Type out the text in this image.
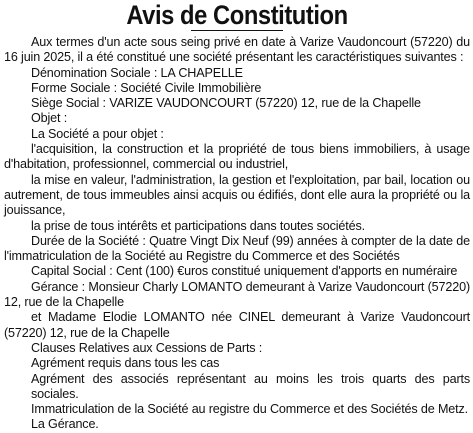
Avis de Constitution

Aux termes d'un acte sous seing privé en date à Varize Vaudoncourt (57220) du 16 juin 2025, il a été constitué une société présentant les caractéristiques suivantes :

Dénomination Sociale : LA CHAPELLE

Forme Sociale : Société Civile Immobilière

Siège Social : VARIZE VAUDONCOURT (57220) 12, rue de la Chapelle

Objet :

La Société a pour objet :

l'acquisition, la construction et la propriété de tous biens immobiliers, à usage d'habitation, professionnel, commercial ou industriel,

la mise en valeur, l'administration, la gestion et l'exploitation, par bail, location ou autrement, de tous immeubles ainsi acquis ou édifiés, dont elle aura la propriété ou la jouissance,

la prise de tous intérêts et participations dans toutes sociétés.

Durée de la Société : Quatre Vingt Dix Neuf (99) années à compter de la date de l'immatriculation de la Société au Registre du Commerce et des Sociétés

Capital Social : Cent (100) €uros constitué uniquement d'apports en numéraire

Gérance : Monsieur Charly LOMANTO demeurant à Varize Vaudoncourt (57220) 12, rue de la Chapelle

et Madame Elodie LOMANTO née CINEL demeurant à Varize Vaudoncourt (57220) 12, rue de la Chapelle

Clauses Relatives aux Cessions de Parts :

Agrément requis dans tous les cas

Agrément des associés représentant au moins les trois quarts des parts sociales.

Immatriculation de la Société au registre du Commerce et des Sociétés de Metz.

La Gérance.
